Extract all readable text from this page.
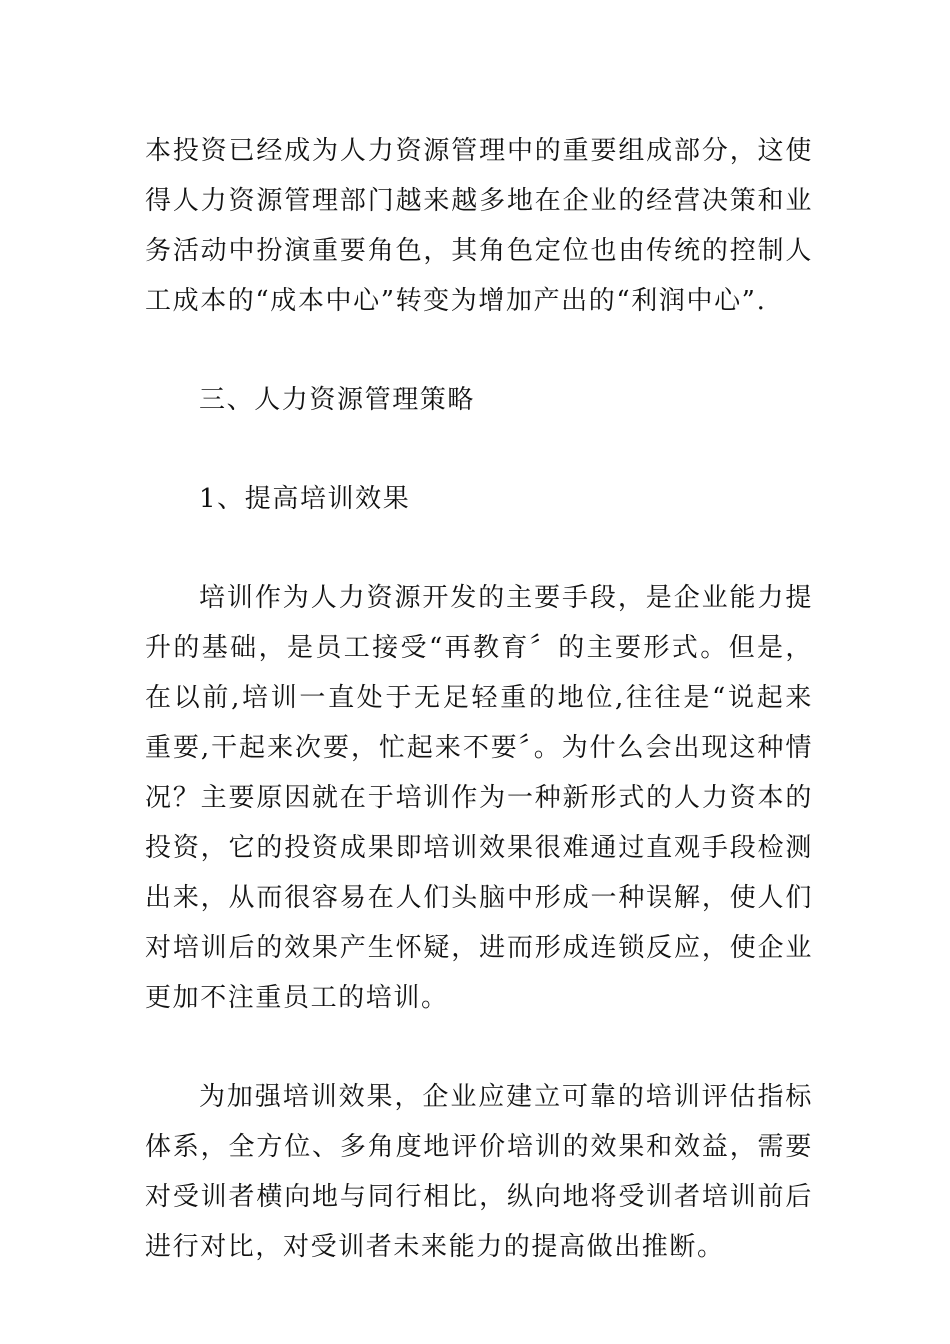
本投资已经成为人力资源管理中的重要组成部分，这使得人力资源管理部门越来越多地在企业的经营决策和业务活动中扮演重要角色，其角色定位也由传统的控制人工成本的“成本中心”转变为增加产出的“利润中心”.

三、人力资源管理策略

1、提高培训效果

培训作为人力资源开发的主要手段，是企业能力提升的基础，是员工接受“再教育〞的主要形式。但是，在以前,培训一直处于无足轻重的地位,往往是“说起来重要,干起来次要，忙起来不要〞。为什么会出现这种情况？主要原因就在于培训作为一种新形式的人力资本的投资，它的投资成果即培训效果很难通过直观手段检测出来，从而很容易在人们头脑中形成一种误解，使人们对培训后的效果产生怀疑，进而形成连锁反应，使企业更加不注重员工的培训。

为加强培训效果，企业应建立可靠的培训评估指标体系，全方位、多角度地评价培训的效果和效益，需要对受训者横向地与同行相比，纵向地将受训者培训前后进行对比，对受训者未来能力的提高做出推断。
